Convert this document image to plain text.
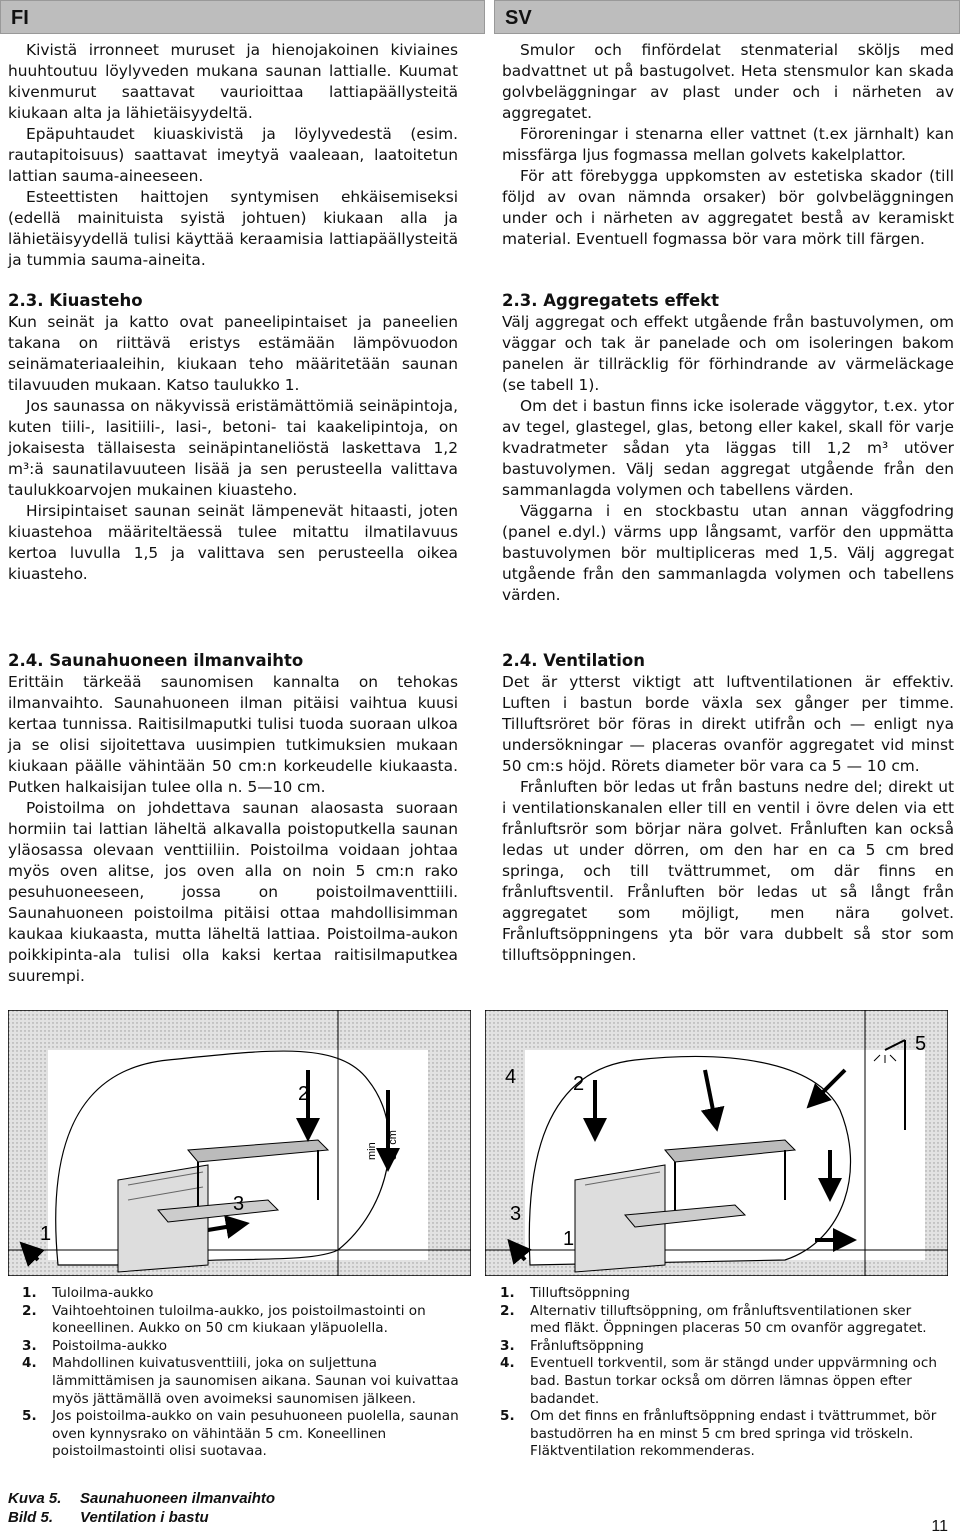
FI	SV

Kivistä irronneet muruset ja hienojakoinen kiviaines huuhtoutuu löylyveden mukana saunan lattialle. Kuumat kivenmurut saattavat vaurioittaa lattiapäällysteitä kiukaan alta ja lähietäisyydeltä.

Epäpuhtaudet kiuaskivistä ja löylyvedestä (esim. rautapitoisuus) saattavat imeytyä vaaleaan, laatoitetun lattian sauma-aineeseen.

Esteettisten haittojen syntymisen ehkäisemiseksi (edellä mainituista syistä johtuen) kiukaan alla ja lähietäisyydellä tulisi käyttää keraamisia lattiapäällysteitä ja tummia sauma-aineita.

2.3. Kiuasteho

Kun seinät ja katto ovat paneelipintaiset ja paneelien takana on riittävä eristys estämään lämpövuodon seinämateriaaleihin, kiukaan teho määritetään saunan tilavuuden mukaan. Katso taulukko 1.

Jos saunassa on näkyvissä eristämättömiä seinäpintoja, kuten tiili-, lasitiili-, lasi-, betoni- tai kaakelipintoja, on jokaisesta tällaisesta seinäpintaneliöstä laskettava 1,2 m³:ä saunatilavuuteen lisää ja sen perusteella valittava taulukkoarvojen mukainen kiuasteho.

Hirsipintaiset saunan seinät lämpenevät hitaasti, joten kiuastehoa määriteltäessä tulee mitattu ilmatilavuus kertoa luvulla 1,5 ja valittava sen perusteella oikea kiuasteho.

2.4. Saunahuoneen ilmanvaihto

Erittäin tärkeää saunomisen kannalta on tehokas ilmanvaihto. Saunahuoneen ilman pitäisi vaihtua kuusi kertaa tunnissa. Raitisilmaputki tulisi tuoda suoraan ulkoa ja se olisi sijoitettava uusimpien tutkimuksien mukaan kiukaan päälle vähintään 50 cm:n korkeudelle kiukaasta. Putken halkaisijan tulee olla n. 5—10 cm.

Poistoilma on johdettava saunan alaosasta suoraan hormiin tai lattian läheltä alkavalla poistoputkella saunan yläosassa olevaan venttiiliin. Poistoilma voidaan johtaa myös oven alitse, jos oven alla on noin 5 cm:n rako pesuhuoneeseen, jossa on poistoilmaventtiili. Saunahuoneen poistoilma pitäisi ottaa mahdollisimman kaukaa kiukaasta, mutta läheltä lattiaa. Poistoilma-aukon poikkipinta-ala tulisi olla kaksi kertaa raitisilmaputkea suurempi.

Smulor och finfördelat stenmaterial sköljs med badvattnet ut på bastugolvet. Heta stensmulor kan skada golvbeläggningar av plast under och i närheten av aggregatet.

Föroreningar i stenarna eller vattnet (t.ex järnhalt) kan missfärga ljus fogmassa mellan golvets kakelplattor.

För att förebygga uppkomsten av estetiska skador (till följd av ovan nämnda orsaker) bör golvbeläggningen under och i närheten av aggregatet bestå av keramiskt material. Eventuell fogmassa bör vara mörk till färgen.

2.3. Aggregatets effekt

Välj aggregat och effekt utgående från bastuvolymen, om väggar och tak är panelade och om isoleringen bakom panelen är tillräcklig för förhindrande av värmeläckage (se tabell 1).

Om det i bastun finns icke isolerade väggytor, t.ex. ytor av tegel, glastegel, glas, betong eller kakel, skall för varje kvadratmeter sådan yta läggas till 1,2 m³ utöver bastuvolymen. Välj sedan aggregat utgående från den sammanlagda volymen och tabellens värden.

Väggarna i en stockbastu utan annan väggfodring (panel e.dyl.) värms upp långsamt, varför den uppmätta bastuvolymen bör multipliceras med 1,5. Välj aggregat utgående från den sammanlagda volymen och tabellens värden.

2.4. Ventilation

Det är ytterst viktigt att luftventilationen är effektiv. Luften i bastun borde växla sex gånger per timme. Tilluftsröret bör föras in direkt utifrån och — enligt nya undersökningar — placeras ovanför aggregatet vid minst 50 cm:s höjd. Rörets diameter bör vara ca 5 — 10 cm.

Frånluften bör ledas ut från bastuns nedre del; direkt ut i ventilationskanalen eller till en ventil i övre delen via ett frånluftsrör som börjar nära golvet. Frånluften kan också ledas ut under dörren, om den har en ca 5 cm bred springa, och till tvättrummet, om där finns en frånluftsventil. Frånluften bör ledas ut så långt från aggregatet som möjligt, men nära golvet. Frånluftsöppningens yta bör vara dubbelt så stor som tilluftsöppningen.

1
2
3
min 50 cm
1
2
3
4
5
1. Tuloilma-aukko
2. Vaihtoehtoinen tuloilma-aukko, jos poistoilmastointi on koneellinen. Aukko on 50 cm kiukaan yläpuolella.
3. Poistoilma-aukko
4. Mahdollinen kuivatusventtiili, joka on suljettuna lämmittämisen ja saunomisen aikana. Saunan voi kuivattaa myös jättämällä oven avoimeksi saunomisen jälkeen.
5. Jos poistoilma-aukko on vain pesuhuoneen puolella, saunan oven kynnysrako on vähintään 5 cm. Koneellinen poistoilmastointi olisi suotavaa.
1. Tilluftsöppning
2. Alternativ tilluftsöppning, om frånluftsventilationen sker med fläkt. Öppningen placeras 50 cm ovanför aggregatet.
3. Frånluftsöppning
4. Eventuell torkventil, som är stängd under uppvärmning och bad. Bastun torkar också om dörren lämnas öppen efter badandet.
5. Om det finns en frånluftsöppning endast i tvättrummet, bör bastudörren ha en minst 5 cm bred springa vid tröskeln. Fläktventilation rekommenderas.
Kuva 5. Saunahuoneen ilmanvaihto
Bild 5. Ventilation i bastu
11
